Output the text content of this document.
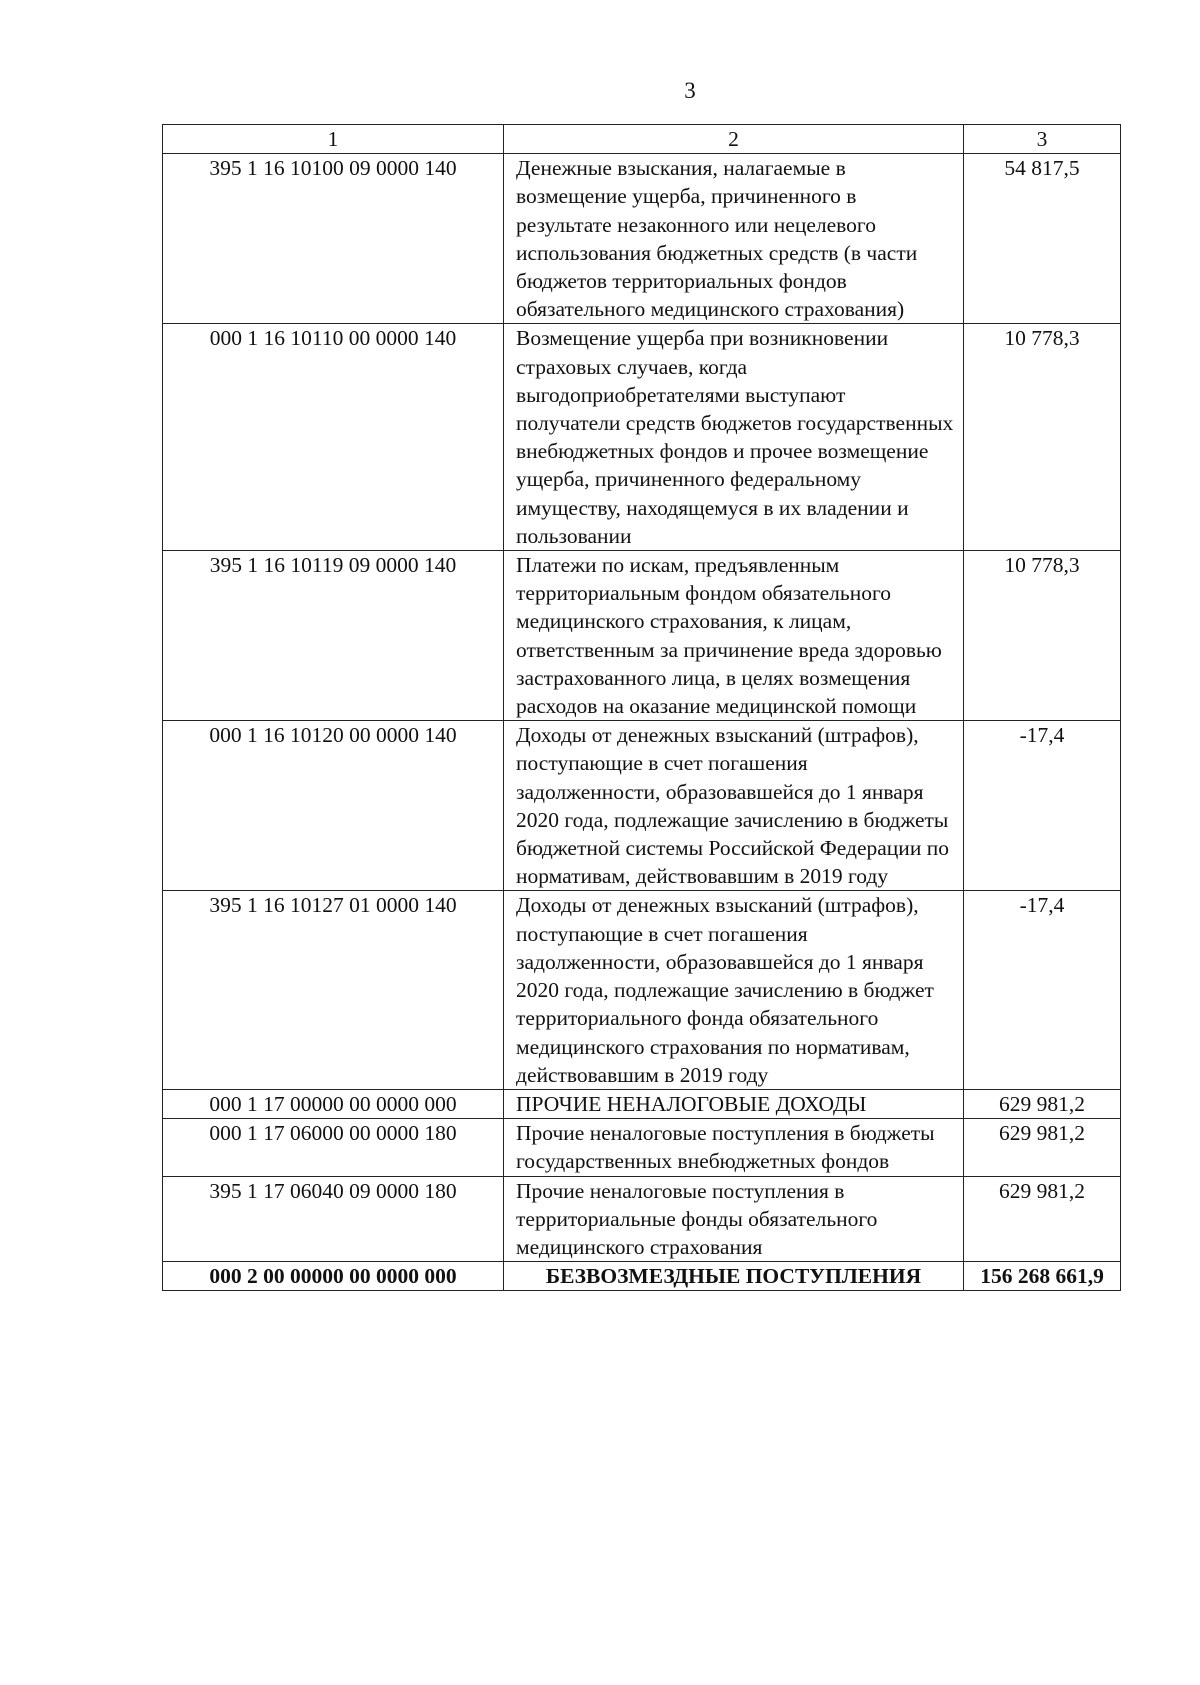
3
1	2	3
395 1 16 10100 09 0000 140	Денежные взыскания, налагаемые в возмещение ущерба, причиненного в результате незаконного или нецелевого использования бюджетных средств (в части бюджетов территориальных фондов обязательного медицинского страхования)	54 817,5
000 1 16 10110 00 0000 140	Возмещение ущерба при возникновении страховых случаев, когда выгодоприобретателями выступают получатели средств бюджетов государственных внебюджетных фондов и прочее возмещение ущерба, причиненного федеральному имуществу, находящемуся в их владении и пользовании	10 778,3
395 1 16 10119 09 0000 140	Платежи по искам, предъявленным территориальным фондом обязательного медицинского страхования, к лицам, ответственным за причинение вреда здоровью застрахованного лица, в целях возмещения расходов на оказание медицинской помощи	10 778,3
000 1 16 10120 00 0000 140	Доходы от денежных взысканий (штрафов), поступающие в счет погашения задолженности, образовавшейся до 1 января 2020 года, подлежащие зачислению в бюджеты бюджетной системы Российской Федерации по нормативам, действовавшим в 2019 году	-17,4
395 1 16 10127 01 0000 140	Доходы от денежных взысканий (штрафов), поступающие в счет погашения задолженности, образовавшейся до 1 января 2020 года, подлежащие зачислению в бюджет территориального фонда обязательного медицинского страхования по нормативам, действовавшим в 2019 году	-17,4
000 1 17 00000 00 0000 000	ПРОЧИЕ НЕНАЛОГОВЫЕ ДОХОДЫ	629 981,2
000 1 17 06000 00 0000 180	Прочие неналоговые поступления в бюджеты государственных внебюджетных фондов	629 981,2
395 1 17 06040 09 0000 180	Прочие неналоговые поступления в территориальные фонды обязательного медицинского страхования	629 981,2
000 2 00 00000 00 0000 000	БЕЗВОЗМЕЗДНЫЕ ПОСТУПЛЕНИЯ	156 268 661,9
